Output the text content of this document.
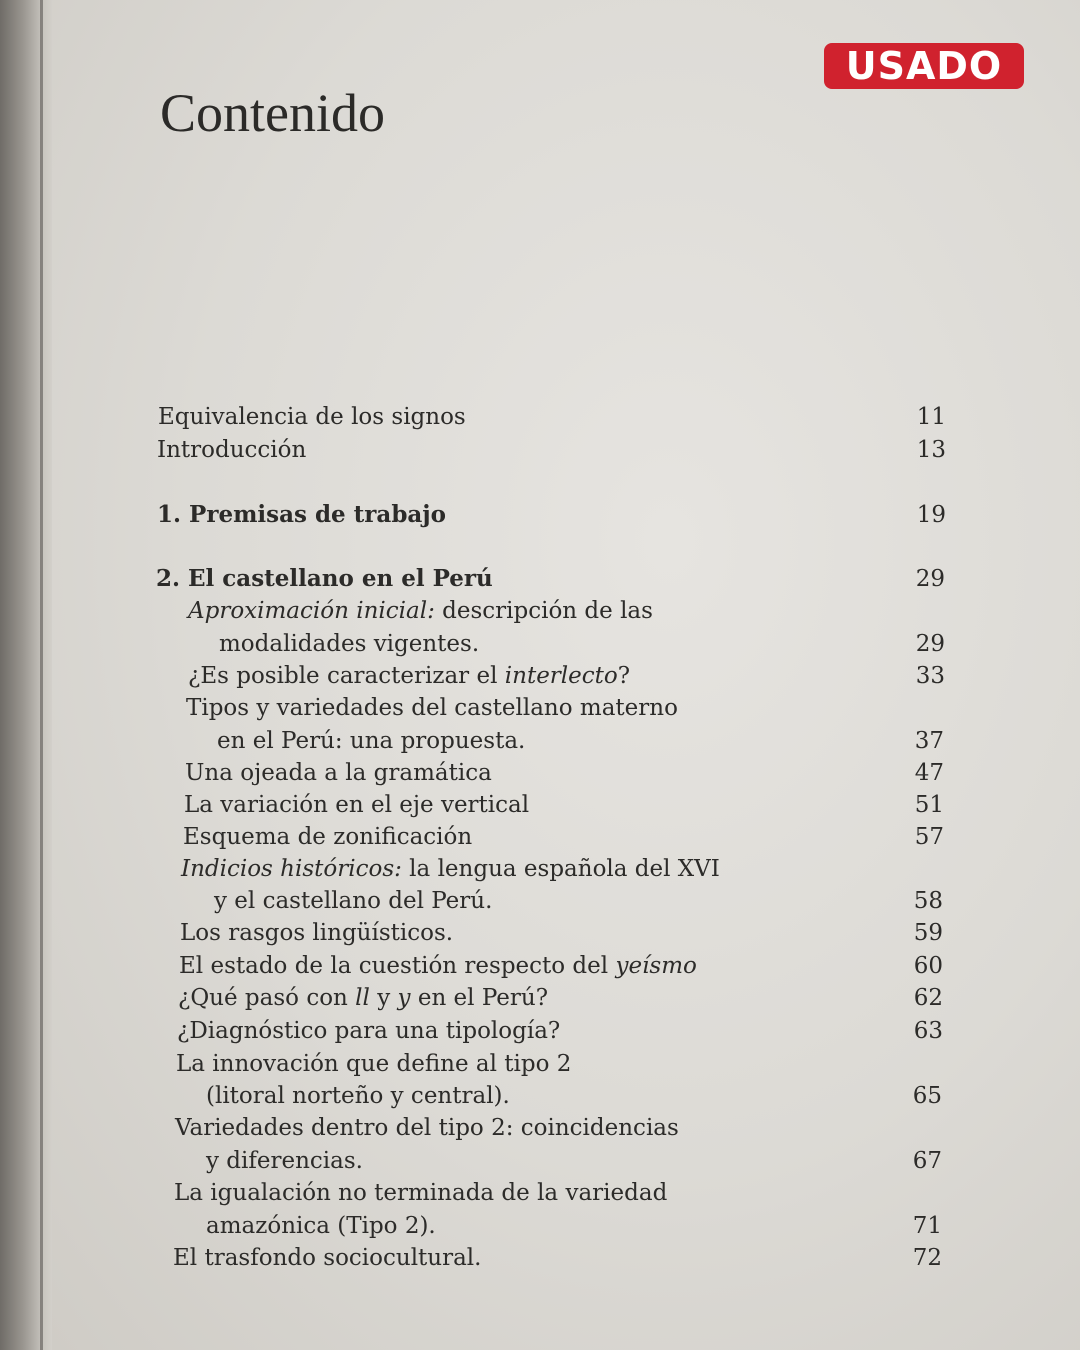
USADO
Contenido
Equivalencia de los signos	11
Introducción	13
1. Premisas de trabajo	19
2. El castellano en el Perú	29
Aproximación inicial: descripción de las
modalidades vigentes.	29
¿Es posible caracterizar el interlecto?	33
Tipos y variedades del castellano materno
en el Perú: una propuesta.	37
Una ojeada a la gramática	47
La variación en el eje vertical	51
Esquema de zonificación	57
Indicios históricos: la lengua española del XVI
y el castellano del Perú.	58
Los rasgos lingüísticos.	59
El estado de la cuestión respecto del yeísmo	60
¿Qué pasó con ll y y en el Perú?	62
¿Diagnóstico para una tipología?	63
La innovación que define al tipo 2
(litoral norteño y central).	65
Variedades dentro del tipo 2: coincidencias
y diferencias.	67
La igualación no terminada de la variedad
amazónica (Tipo 2).	71
El trasfondo sociocultural.	72
